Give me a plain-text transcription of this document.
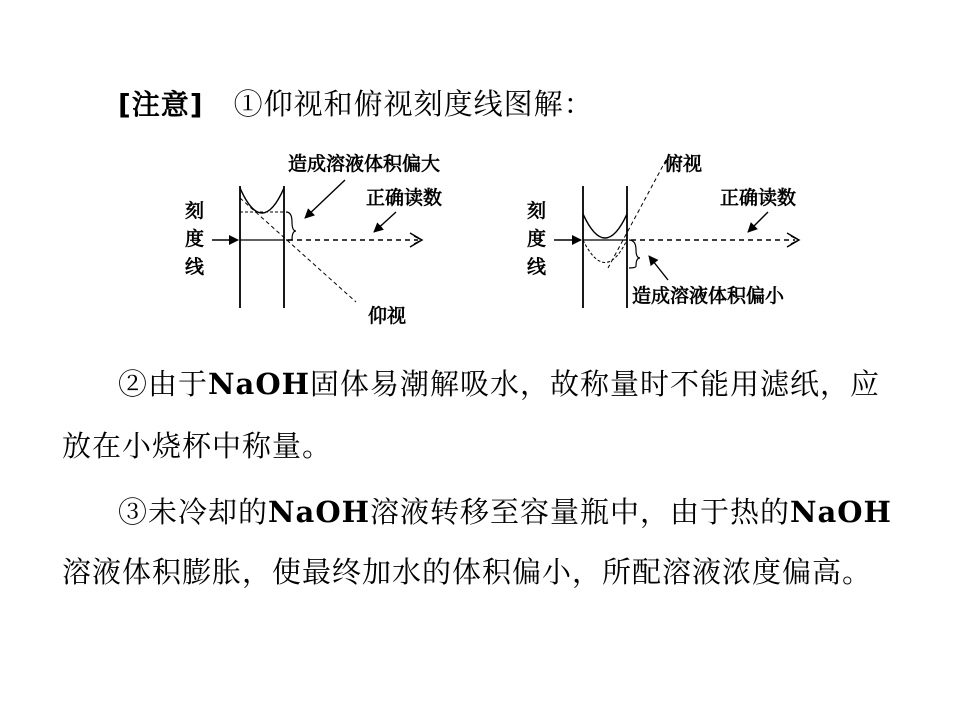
[注意] ①仰视和俯视刻度线图解：
刻
度
线
造成溶液体积偏大
正确读数
仰视
刻
度
线
俯视
正确读数
造成溶液体积偏小
②由于NaOH固体易潮解吸水，故称量时不能用滤纸，应
放在小烧杯中称量。
③未冷却的NaOH溶液转移至容量瓶中，由于热的NaOH
溶液体积膨胀，使最终加水的体积偏小，所配溶液浓度偏高。
